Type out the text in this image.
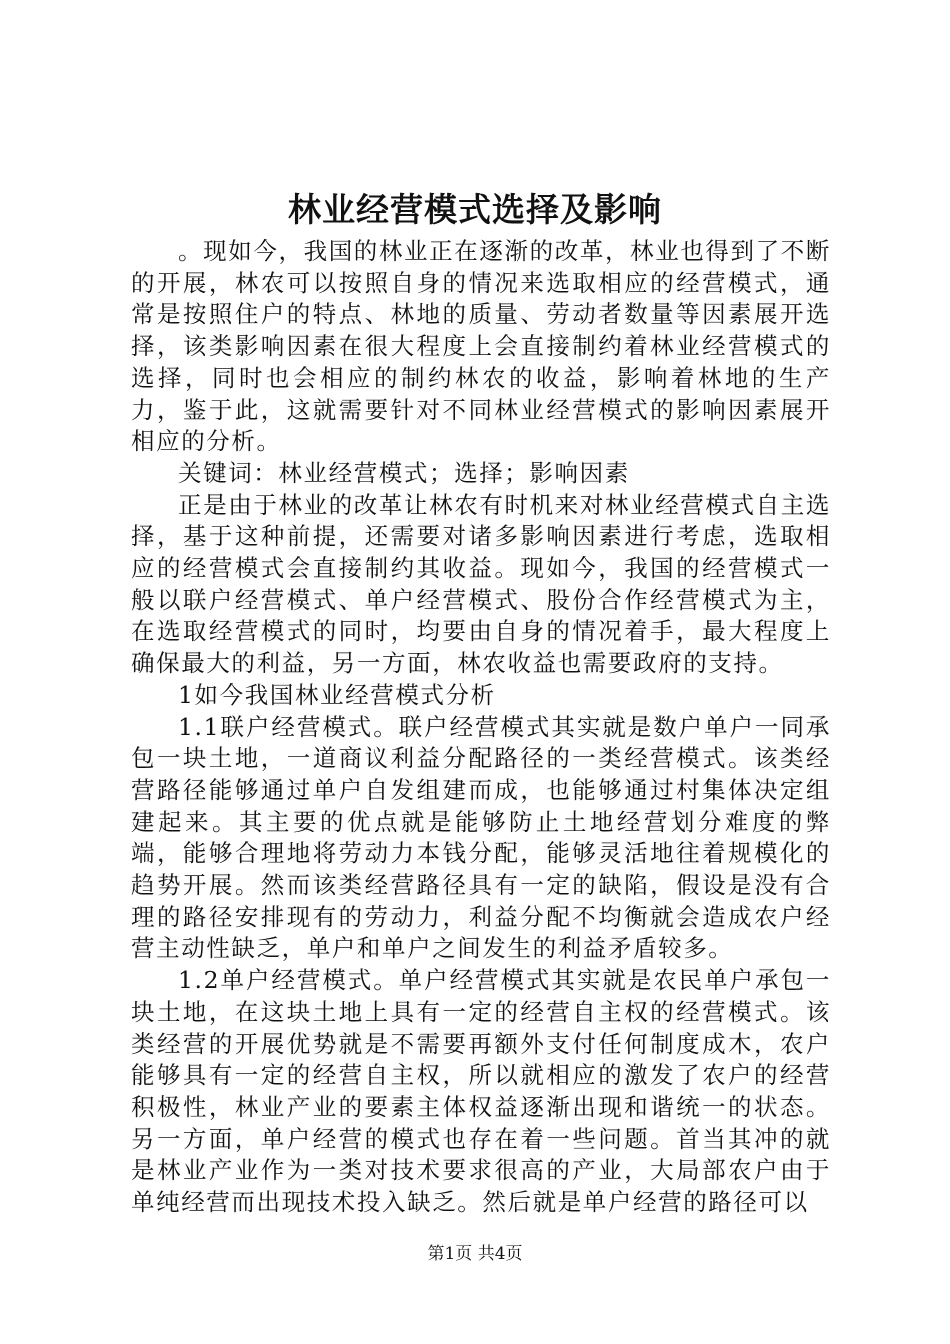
林业经营模式选择及影响

。现如今，我国的林业正在逐渐的改革，林业也得到了不断的开展，林农可以按照自身的情况来选取相应的经营模式，通常是按照住户的特点、林地的质量、劳动者数量等因素展开选择，该类影响因素在很大程度上会直接制约着林业经营模式的选择，同时也会相应的制约林农的收益，影响着林地的生产力，鉴于此，这就需要针对不同林业经营模式的影响因素展开相应的分析。

关键词：林业经营模式；选择；影响因素

正是由于林业的改革让林农有时机来对林业经营模式自主选择，基于这种前提，还需要对诸多影响因素进行考虑，选取相应的经营模式会直接制约其收益。现如今，我国的经营模式一般以联户经营模式、单户经营模式、股份合作经营模式为主，在选取经营模式的同时，均要由自身的情况着手，最大程度上确保最大的利益，另一方面，林农收益也需要政府的支持。

1如今我国林业经营模式分析

1.1联户经营模式。联户经营模式其实就是数户单户一同承包一块土地，一道商议利益分配路径的一类经营模式。该类经营路径能够通过单户自发组建而成，也能够通过村集体决定组建起来。其主要的优点就是能够防止土地经营划分难度的弊端，能够合理地将劳动力本钱分配，能够灵活地往着规模化的趋势开展。然而该类经营路径具有一定的缺陷，假设是没有合理的路径安排现有的劳动力，利益分配不均衡就会造成农户经营主动性缺乏，单户和单户之间发生的利益矛盾较多。

1.2单户经营模式。单户经营模式其实就是农民单户承包一块土地，在这块土地上具有一定的经营自主权的经营模式。该类经营的开展优势就是不需要再额外支付任何制度成木，农户能够具有一定的经营自主权，所以就相应的激发了农户的经营积极性，林业产业的要素主体权益逐渐出现和谐统一的状态。另一方面，单户经营的模式也存在着一些问题。首当其冲的就是林业产业作为一类对技术要求很高的产业，大局部农户由于单纯经营而出现技术投入缺乏。然后就是单户经营的路径可以

第1页 共4页
